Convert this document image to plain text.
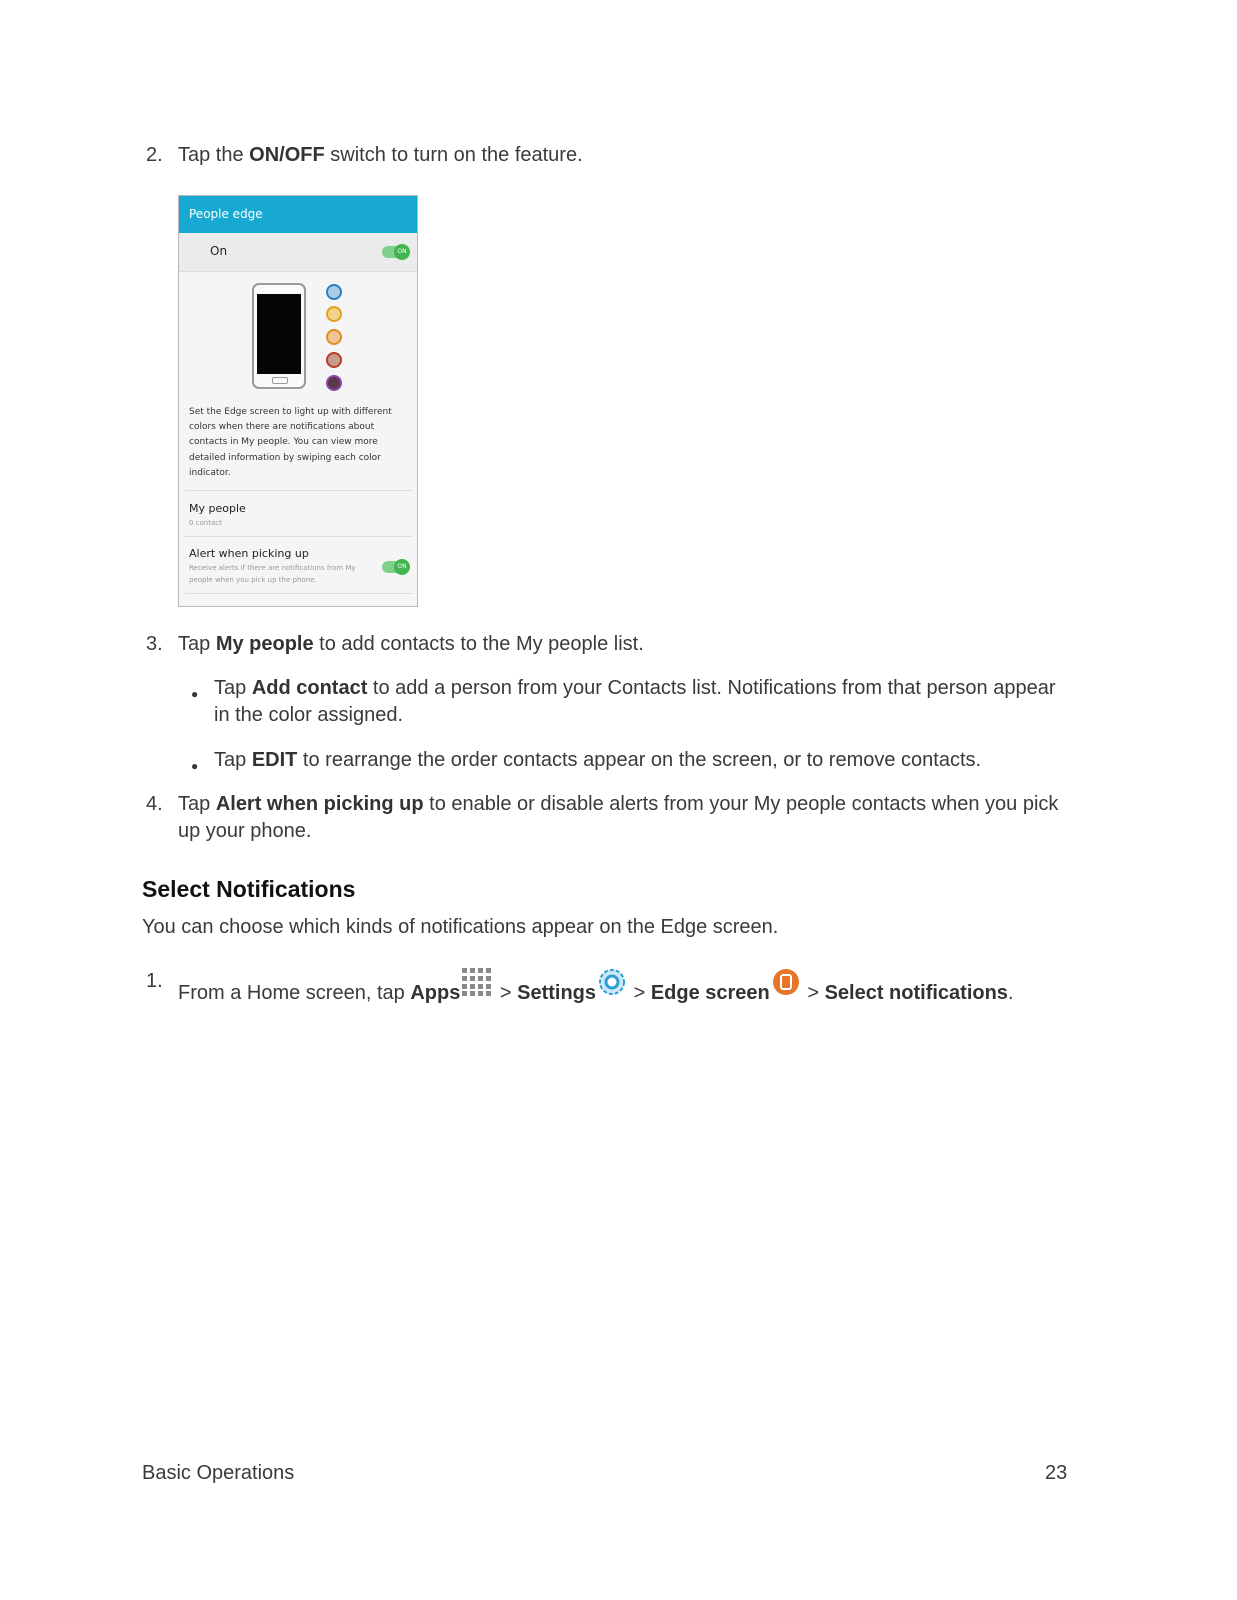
2. Tap the ON/OFF switch to turn on the feature.
People edge
On	ON
Set the Edge screen to light up with different colors when there are notifications about contacts in My people. You can view more detailed information by swiping each color indicator.
My people
0 contact
Alert when picking up
Receive alerts if there are notifications from My people when you pick up the phone.
ON
3. Tap My people to add contacts to the My people list.
● Tap Add contact to add a person from your Contacts list. Notifications from that person appear in the color assigned.
● Tap EDIT to rearrange the order contacts appear on the screen, or to remove contacts.
4. Tap Alert when picking up to enable or disable alerts from your My people contacts when you pick up your phone.
Select Notifications
You can choose which kinds of notifications appear on the Edge screen.
1.
From a Home screen, tap Apps > Settings > Edge screen > Select notifications.
Basic Operations	23
